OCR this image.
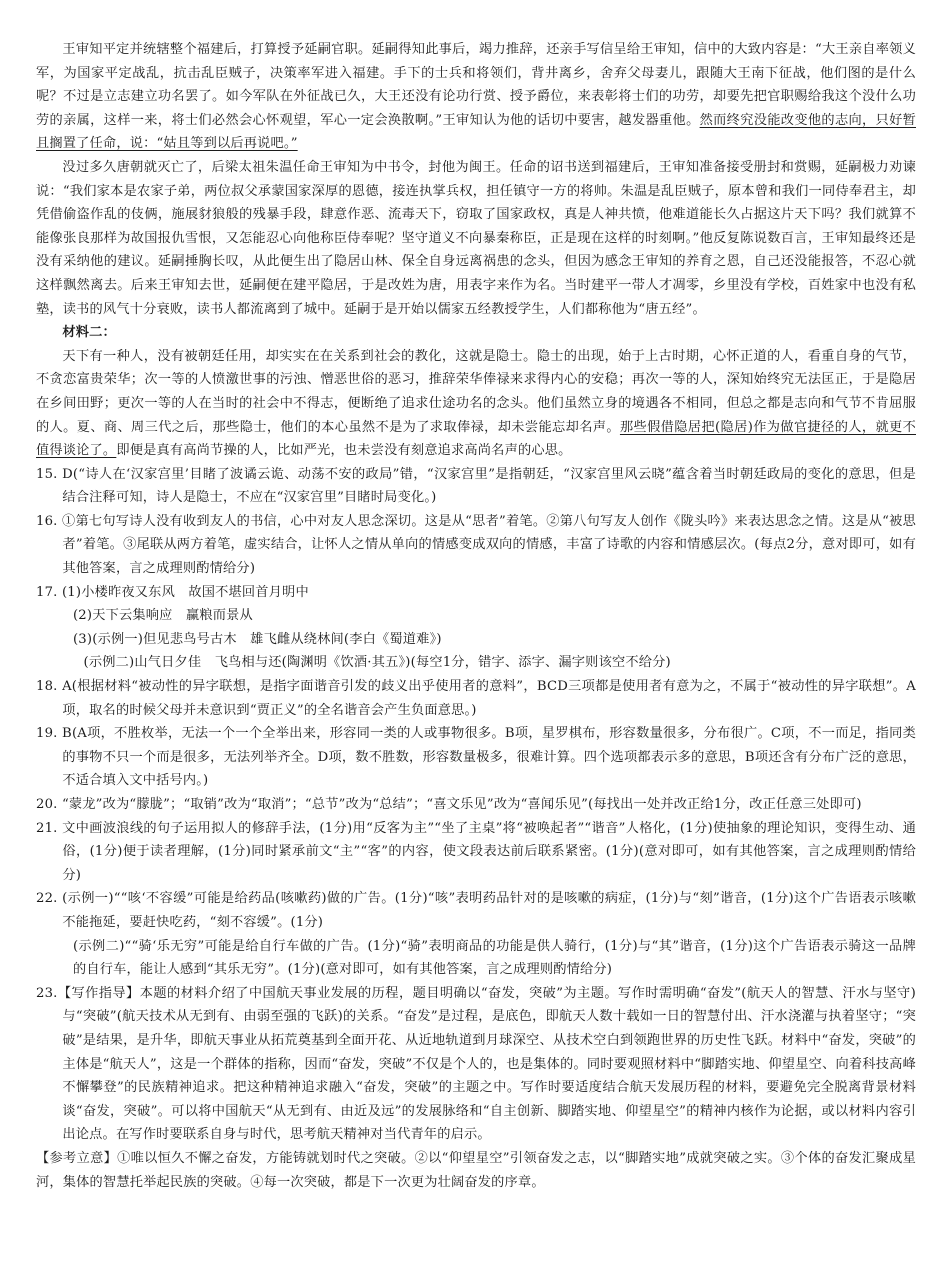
王审知平定并统辖整个福建后，打算授予延嗣官职。延嗣得知此事后，竭力推辞，还亲手写信呈给王审知，信中的大致内容是：“大王亲自率领义军，为国家平定战乱，抗击乱臣贼子，决策率军进入福建。手下的士兵和将领们，背井离乡，舍弃父母妻儿，跟随大王南下征战，他们图的是什么呢？不过是立志建立功名罢了。如今军队在外征战已久，大王还没有论功行赏、授予爵位，来表彰将士们的功劳，却要先把官职赐给我这个没什么功劳的亲属，这样一来，将士们必然会心怀观望，军心一定会涣散啊。”王审知认为他的话切中要害，越发器重他。然而终究没能改变他的志向，只好暂且搁置了任命，说：“姑且等到以后再说吧。”

没过多久唐朝就灭亡了，后梁太祖朱温任命王审知为中书令，封他为闽王。任命的诏书送到福建后，王审知准备接受册封和赏赐，延嗣极力劝谏说：“我们家本是农家子弟，两位叔父承蒙国家深厚的恩德，接连执掌兵权，担任镇守一方的将帅。朱温是乱臣贼子，原本曾和我们一同侍奉君主，却凭借偷盗作乱的伎俩，施展豺狼般的残暴手段，肆意作恶、流毒天下，窃取了国家政权，真是人神共愤，他难道能长久占据这片天下吗？我们就算不能像张良那样为故国报仇雪恨，又怎能忍心向他称臣侍奉呢？坚守道义不向暴秦称臣，正是现在这样的时刻啊。”他反复陈说数百言，王审知最终还是没有采纳他的建议。延嗣捶胸长叹，从此便生出了隐居山林、保全自身远离祸患的念头，但因为感念王审知的养育之恩，自己还没能报答，不忍心就这样飘然离去。后来王审知去世，延嗣便在建平隐居，于是改姓为唐，用表字来作为名。当时建平一带人才凋零，乡里没有学校，百姓家中也没有私塾，读书的风气十分衰败，读书人都流离到了城中。延嗣于是开始以儒家五经教授学生，人们都称他为“唐五经”。

材料二：

天下有一种人，没有被朝廷任用，却实实在在关系到社会的教化，这就是隐士。隐士的出现，始于上古时期，心怀正道的人，看重自身的气节，不贪恋富贵荣华；次一等的人愤激世事的污浊、憎恶世俗的恶习，推辞荣华俸禄来求得内心的安稳；再次一等的人，深知始终究无法匡正，于是隐居在乡间田野；更次一等的人在当时的社会中不得志，便断绝了追求仕途功名的念头。他们虽然立身的境遇各不相同，但总之都是志向和气节不肯屈服的人。夏、商、周三代之后，那些隐士，他们的本心虽然不是为了求取俸禄，却未尝能忘却名声。那些假借隐居把(隐居)作为做官捷径的人，就更不值得谈论了。即便是真有高尚节操的人，比如严光，也未尝没有刻意追求高尚名声的心思。

15. D(“诗人在‘汉家宫里’目睹了波谲云诡、动荡不安的政局”错，“汉家宫里”是指朝廷，“汉家宫里风云晓”蕴含着当时朝廷政局的变化的意思，但是结合注释可知，诗人是隐士，不应在“汉家宫里”目睹时局变化。)

16. ①第七句写诗人没有收到友人的书信，心中对友人思念深切。这是从“思者”着笔。②第八句写友人创作《陇头吟》来表达思念之情。这是从“被思者”着笔。③尾联从两方着笔，虚实结合，让怀人之情从单向的情感变成双向的情感，丰富了诗歌的内容和情感层次。(每点2分，意对即可，如有其他答案，言之成理则酌情给分)

17. (1)小楼昨夜又东风　故国不堪回首月明中

(2)天下云集响应　赢粮而景从

(3)(示例一)但见悲鸟号古木　雄飞雌从绕林间(李白《蜀道难》)

(示例二)山气日夕佳　飞鸟相与还(陶渊明《饮酒·其五》)(每空1分，错字、添字、漏字则该空不给分)

18. A(根据材料“被动性的异字联想，是指字面谐音引发的歧义出乎使用者的意料”，BCD三项都是使用者有意为之，不属于“被动性的异字联想”。A项，取名的时候父母并未意识到“贾正义”的全名谐音会产生负面意思。)

19. B(A项，不胜枚举，无法一个一个全举出来，形容同一类的人或事物很多。B项，星罗棋布，形容数量很多，分布很广。C项，不一而足，指同类的事物不只一个而是很多，无法列举齐全。D项，数不胜数，形容数量极多，很难计算。四个选项都表示多的意思，B项还含有分布广泛的意思，不适合填入文中括号内。)

20. “蒙龙”改为“朦胧”；“取销”改为“取消”；“总节”改为“总结”；“喜文乐见”改为“喜闻乐见”(每找出一处并改正给1分，改正任意三处即可)

21. 文中画波浪线的句子运用拟人的修辞手法，(1分)用“反客为主”“坐了主桌”将“被唤起者”“谐音”人格化，(1分)使抽象的理论知识，变得生动、通俗，(1分)便于读者理解，(1分)同时紧承前文“主”“客”的内容，使文段表达前后联系紧密。(1分)(意对即可，如有其他答案，言之成理则酌情给分)

22. (示例一)““咳‘不容缓”可能是给药品(咳嗽药)做的广告。(1分)“咳”表明药品针对的是咳嗽的病症，(1分)与“刻”谐音，(1分)这个广告语表示咳嗽不能拖延，要赶快吃药，“刻不容缓”。(1分)

(示例二)““骑‘乐无穷”可能是给自行车做的广告。(1分)“骑”表明商品的功能是供人骑行，(1分)与“其”谐音，(1分)这个广告语表示骑这一品牌的自行车，能让人感到“其乐无穷”。(1分)(意对即可，如有其他答案，言之成理则酌情给分)

23.【写作指导】本题的材料介绍了中国航天事业发展的历程，题目明确以“奋发，突破”为主题。写作时需明确“奋发”(航天人的智慧、汗水与坚守)与“突破”(航天技术从无到有、由弱至强的飞跃)的关系。“奋发”是过程，是底色，即航天人数十载如一日的智慧付出、汗水浇灌与执着坚守；“突破”是结果，是升华，即航天事业从拓荒奠基到全面开花、从近地轨道到月球深空、从技术空白到领跑世界的历史性飞跃。材料中“奋发，突破”的主体是“航天人”，这是一个群体的指称，因而“奋发，突破”不仅是个人的，也是集体的。同时要观照材料中“脚踏实地、仰望星空、向着科技高峰不懈攀登”的民族精神追求。把这种精神追求融入“奋发，突破”的主题之中。写作时要适度结合航天发展历程的材料，要避免完全脱离背景材料谈“奋发，突破”。可以将中国航天“从无到有、由近及远”的发展脉络和“自主创新、脚踏实地、仰望星空”的精神内核作为论据，或以材料内容引出论点。在写作时要联系自身与时代，思考航天精神对当代青年的启示。

【参考立意】①唯以恒久不懈之奋发，方能铸就划时代之突破。②以“仰望星空”引领奋发之志，以“脚踏实地”成就突破之实。③个体的奋发汇聚成星河，集体的智慧托举起民族的突破。④每一次突破，都是下一次更为壮阔奋发的序章。
